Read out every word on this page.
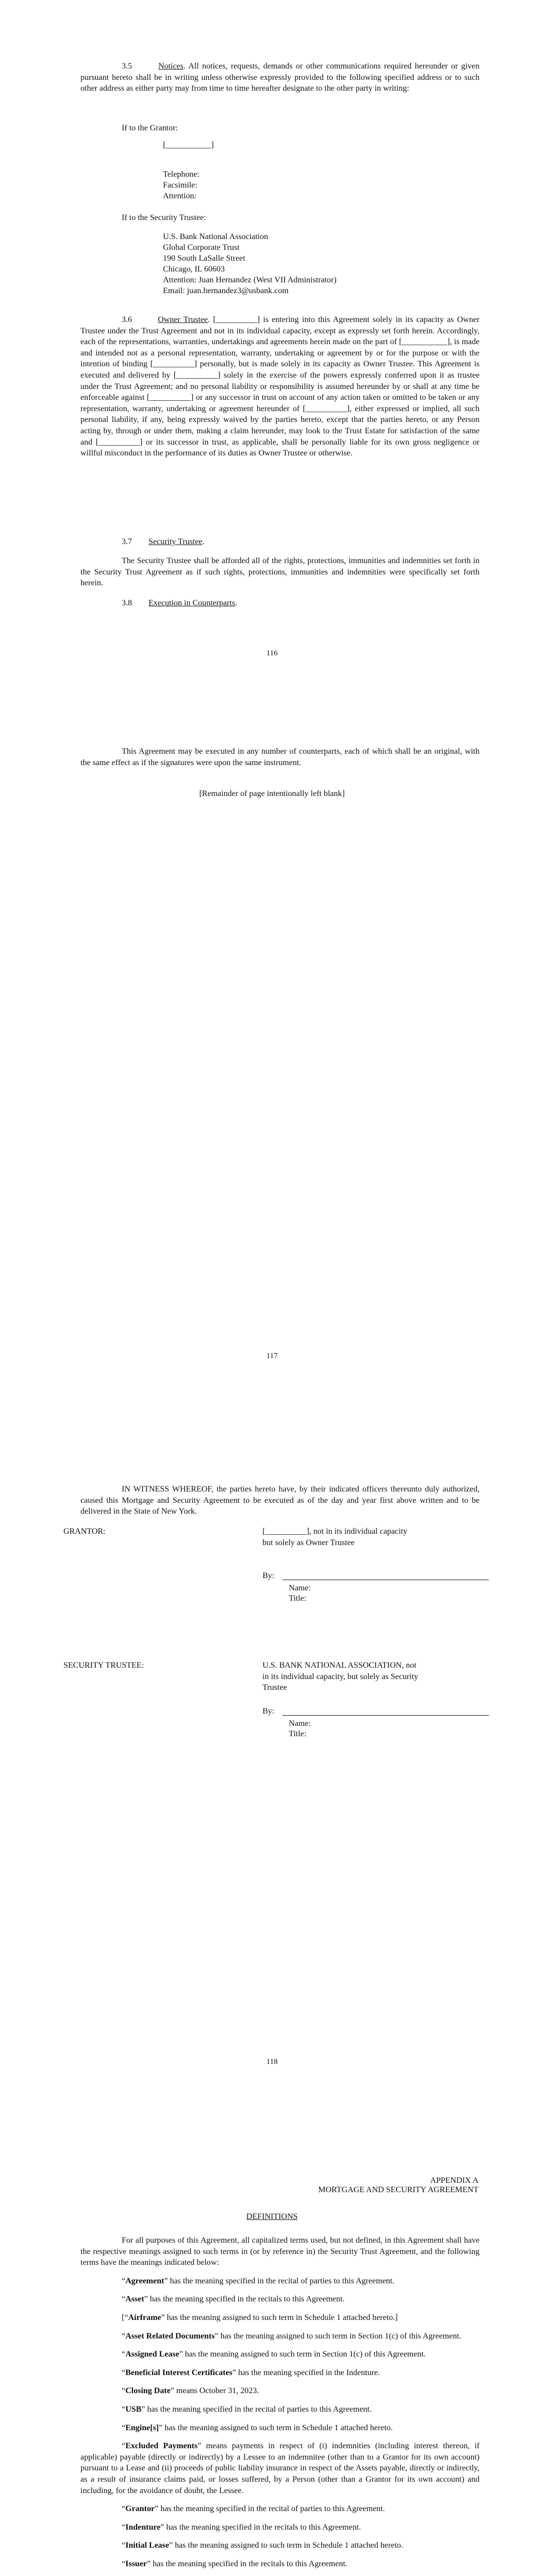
3.5	Notices. All notices, requests, demands or other communications required hereunder or given pursuant hereto shall be in writing unless otherwise expressly provided to the following specified address or to such other address as either party may from time to time hereafter designate to the other party in writing:

If to the Grantor:
[___________]
Telephone:
Facsimile:
Attention:
If to the Security Trustee:
U.S. Bank National Association
Global Corporate Trust
190 South LaSalle Street
Chicago, IL 60603
Attention: Juan Hernandez (West VII Administrator)
Email: juan.hernandez3@usbank.com

3.6	Owner Trustee. [__________] is entering into this Agreement solely in its capacity as Owner Trustee under the Trust Agreement and not in its individual capacity, except as expressly set forth herein. Accordingly, each of the representations, warranties, undertakings and agreements herein made on the part of [___________], is made and intended not as a personal representation, warranty, undertaking or agreement by or for the purpose or with the intention of binding [__________] personally, but is made solely in its capacity as Owner Trustee. This Agreement is executed and delivered by [__________] solely in the exercise of the powers expressly conferred upon it as trustee under the Trust Agreement; and no personal liability or responsibility is assumed hereunder by or shall at any time be enforceable against [__________] or any successor in trust on account of any action taken or omitted to be taken or any representation, warranty, undertaking or agreement hereunder of [__________], either expressed or implied, all such personal liability, if any, being expressly waived by the parties hereto, except that the parties hereto, or any Person acting by, through or under them, making a claim hereunder, may look to the Trust Estate for satisfaction of the same and [__________] or its successor in trust, as applicable, shall be personally liable for its own gross negligence or willful misconduct in the performance of its duties as Owner Trustee or otherwise.

3.7 Security Trustee.

The Security Trustee shall be afforded all of the rights, protections, immunities and indemnities set forth in the Security Trust Agreement as if such rights, protections, immunities and indemnities were specifically set forth herein.

3.8 Execution in Counterparts.
116

This Agreement may be executed in any number of counterparts, each of which shall be an original, with the same effect as if the signatures were upon the same instrument.

[Remainder of page intentionally left blank]
117

IN WITNESS WHEREOF, the parties hereto have, by their indicated officers thereunto duly authorized, caused this Mortgage and Security Agreement to be executed as of the day and year first above written and to be delivered in the State of New York.

GRANTOR:	[__________], not in its individual capacity but solely as Owner Trustee
By:
Name:
Title:
SECURITY TRUSTEE:	U.S. BANK NATIONAL ASSOCIATION, not in its individual capacity, but solely as Security Trustee
By:
Name:
Title:
118
APPENDIX A
MORTGAGE AND SECURITY AGREEMENT
DEFINITIONS

For all purposes of this Agreement, all capitalized terms used, but not defined, in this Agreement shall have the respective meanings assigned to such terms in (or by reference in) the Security Trust Agreement, and the following terms have the meanings indicated below:

“Agreement” has the meaning specified in the recital of parties to this Agreement.

“Asset” has the meaning specified in the recitals to this Agreement.

[“Airframe” has the meaning assigned to such term in Schedule 1 attached hereto.]

“Asset Related Documents” has the meaning assigned to such term in Section 1(c) of this Agreement.

“Assigned Lease” has the meaning assigned to such term in Section 1(c) of this Agreement.

“Beneficial Interest Certificates” has the meaning specified in the Indenture.

“Closing Date” means October 31, 2023.

“USB” has the meaning specified in the recital of parties to this Agreement.

“Engine[s]” has the meaning assigned to such term in Schedule 1 attached hereto.

“Excluded Payments” means payments in respect of (i) indemnities (including interest thereon, if applicable) payable (directly or indirectly) by a Lessee to an indemnitee (other than to a Grantor for its own account) pursuant to a Lease and (ii) proceeds of public liability insurance in respect of the Assets payable, directly or indirectly, as a result of insurance claims paid, or losses suffered, by a Person (other than a Grantor for its own account) and including, for the avoidance of doubt, the Lessee.

“Grantor” has the meaning specified in the recital of parties to this Agreement.

“Indenture” has the meaning specified in the recitals to this Agreement.

“Initial Lease” has the meaning assigned to such term in Schedule 1 attached hereto.

“Issuer” has the meaning specified in the recitals to this Agreement.
